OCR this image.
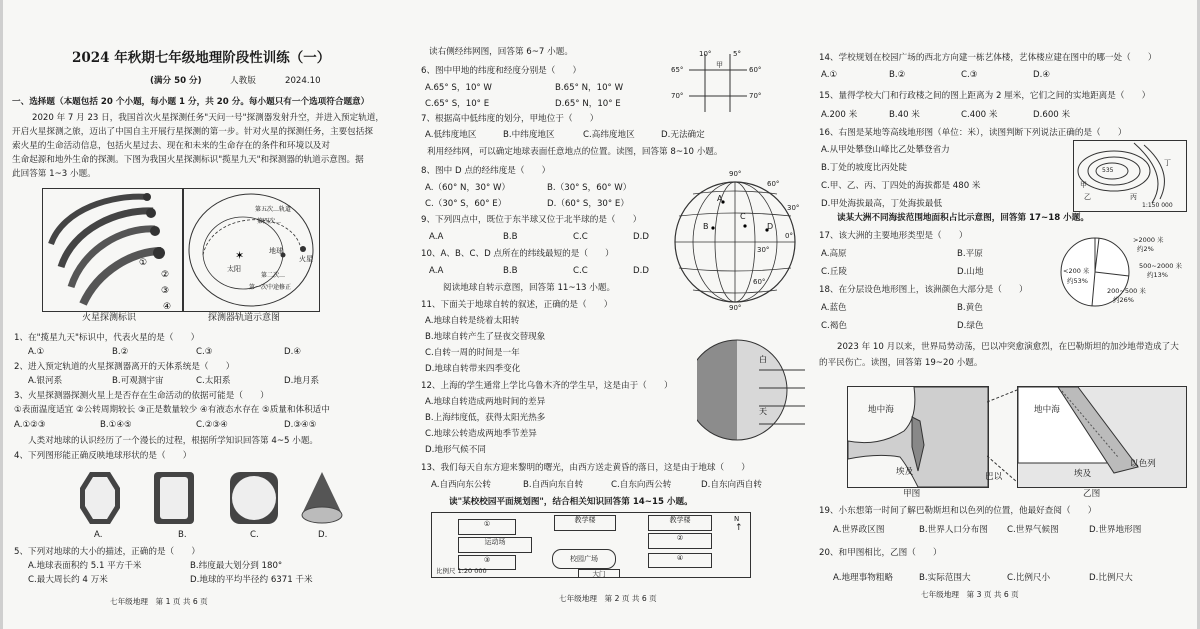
2024 年秋期七年级地理阶段性训练（一）
(满分 50 分)	人教版	2024.10
一、选择题（本题包括 20 个小题，每小题 1 分，共 20 分。每小题只有一个选项符合题意）
2020 年 7 月 23 日，我国首次火星探测任务"天问一号"探测器发射升空，并进入预定轨道，
开启火星探测之旅，迈出了中国自主开展行星探测的第一步。针对火星的探测任务，主要包括探
索火星的生命活动信息，包括火星过去、现在和未来的生命存在的条件和环境以及对
生命起源和地外生命的探测。下图为我国火星探测标识"揽星九天"和探测器的轨道示意图。据
此回答第 1~3 小题。
②
③
④
①
第五次…轨道
第四次…
第二次…
第一次中途修正
✶	地球
火星
太阳
火星探测标识	探测器轨道示意图
1、在"揽星九天"标识中，代表火星的是（　　）
A.①	B.②	C.③	D.④
2、进入预定轨道的火星探测器离开的天体系统是（　　）
A.银河系	B.可观测宇宙	C.太阳系	D.地月系
3、火星探测器探测火星上是否存在生命活动的依据可能是（　　）
①表面温度适宜 ②公转周期较长 ③正是数量较少 ④有液态水存在 ⑤质量和体积适中
A.①②③	B.①④⑤	C.②③④	D.③④⑤
人类对地球的认识经历了一个漫长的过程，根据所学知识回答第 4~5 小题。
4、下列图形能正确反映地球形状的是（　　）
A.	B.	C.	D.
5、下列对地球的大小的描述，正确的是（　　）
A.地球表面积约 5.1 平方千米	B.纬度最大划分到 180°
C.最大周长约 4 万米	D.地球的平均半径约 6371 千米
七年级地理　第 1 页 共 6 页
读右侧经纬网图，回答第 6~7 小题。
6、图中甲地的纬度和经度分别是（　　）
A.65° S，10° W	B.65° N，10° W
C.65° S，10° E	D.65° N，10° E
10°	5°
65°
甲
60°
70°	70°
7、根据高中低纬度的划分，甲地位于（　　）
A.低纬度地区	B.中纬度地区	C.高纬度地区	D.无法确定
利用经纬网，可以确定地球表面任意地点的位置。读图，回答第 8~10 小题。
8、图中 D 点的经纬度是（　　）
A.（60° N，30° W）	B.（30° S，60° W）
C.（30° S，60° E）	D.（60° S，30° E）
9、下列四点中，既位于东半球又位于北半球的是（　　）
A.A	B.B	C.C	D.D
10、A、B、C、D 点所在的纬线最短的是（　　）
A.A	B.B	C.C	D.D
90°
60°
30°
0°
30°
60°
90°
A
B
C
D
阅读地球自转示意图，回答第 11~13 小题。
11、下面关于地球自转的叙述，正确的是（　　）
A.地球自转是绕着太阳转
B.地球自转产生了昼夜交替现象
C.自转一周的时间是一年
D.地球自转带来四季变化
白
天
12、上海的学生通常上学比乌鲁木齐的学生早，这是由于（　　）
A.地球自转造成两地时间的差异
B.上海纬度低，获得太阳光热多
C.地球公转造成两地季节差异
D.地形气候不同
13、我们每天自东方迎来黎明的曙光，由西方送走黄昏的落日，这是由于地球（　　）
A.自西向东公转	B.自西向东自转	C.自东向西公转	D.自东向西自转
读"某校校园平面规划图"，结合相关知识回答第 14~15 小题。
①	教学楼	教学楼
运动场	②
③	校园广场	④
比例尺 1:20 000	大门
N
↑
七年级地理　第 2 页 共 6 页
14、学校规划在校园广场的西北方向建一栋艺体楼，艺体楼应建在图中的哪一处（　　）
A.①	B.②	C.③	D.④
15、量得学校大门和行政楼之间的图上距离为 2 厘米，它们之间的实地距离是（　　）
A.200 米	B.40 米	C.400 米	D.600 米
16、右图是某地等高线地形图（单位：米），读图判断下列说法正确的是（　　）
A.从甲处攀登山峰比乙处攀登省力
B.丁处的坡度比丙处陡
C.甲、乙、丙、丁四处的海拔都是 480 米
D.甲处海拔最高，丁处海拔最低
535
甲
丁
乙	丙
1:150 000
读某大洲不同海拔范围地面积占比示意图，回答第 17~18 小题。
17、该大洲的主要地形类型是（　　）
A.高原	B.平原
C.丘陵	D.山地
18、在分层设色地形图上，该洲颜色大部分是（　　）
A.蓝色	B.黄色
C.褐色	D.绿色
>2000 米
约2%
<200 米
约53%
500~2000 米
约13%
200~500 米
约26%
2023 年 10 月以来，世界局势动荡，巴以冲突愈演愈烈，在巴勒斯坦的加沙地带造成了大
的平民伤亡。读图，回答第 19~20 小题。
地中海
埃及	巴以
甲图
地中海
埃及
以色列
乙图
19、小东想第一时间了解巴勒斯坦和以色列的位置，他最好查阅（　　）
A.世界政区图	B.世界人口分布图 C.世界气候图	D.世界地形图
20、和甲图相比，乙图（　　）
A.地理事物粗略	B.实际范围大	C.比例尺小	D.比例尺大
七年级地理　第 3 页 共 6 页
